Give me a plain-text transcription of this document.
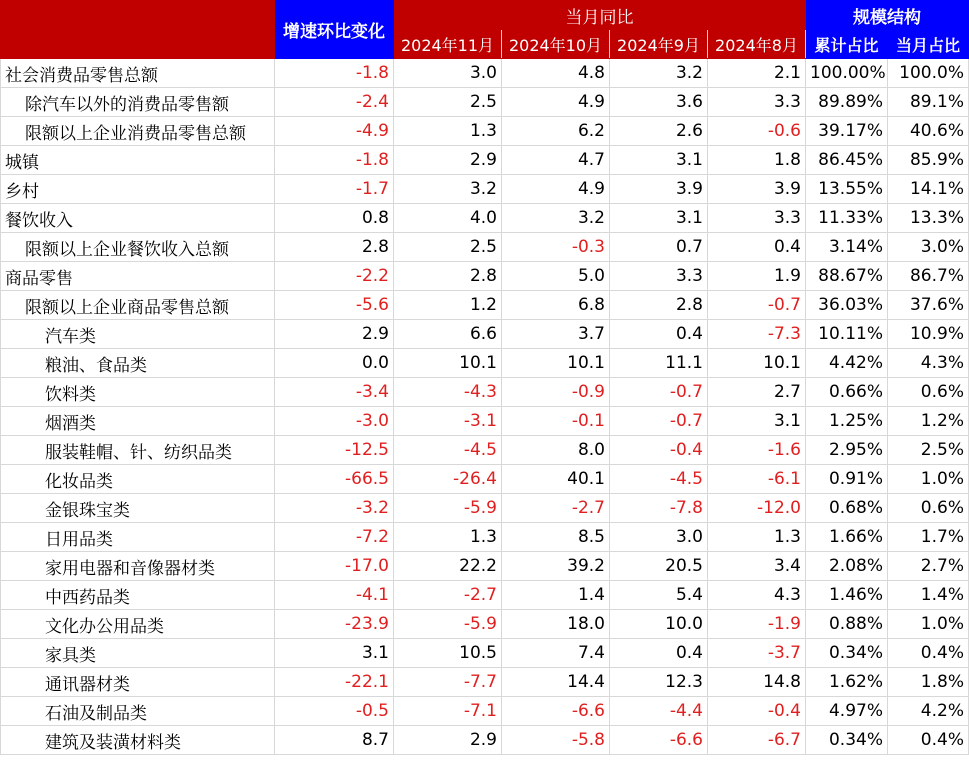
	增速环比变化	当月同比				规模结构	
		2024年11月	2024年10月	2024年9月	2024年8月	累计占比	当月占比
社会消费品零售总额	-1.8	3.0	4.8	3.2	2.1	100.00%	100.0%
除汽车以外的消费品零售额	-2.4	2.5	4.9	3.6	3.3	89.89%	89.1%
限额以上企业消费品零售总额	-4.9	1.3	6.2	2.6	-0.6	39.17%	40.6%
城镇	-1.8	2.9	4.7	3.1	1.8	86.45%	85.9%
乡村	-1.7	3.2	4.9	3.9	3.9	13.55%	14.1%
餐饮收入	0.8	4.0	3.2	3.1	3.3	11.33%	13.3%
限额以上企业餐饮收入总额	2.8	2.5	-0.3	0.7	0.4	3.14%	3.0%
商品零售	-2.2	2.8	5.0	3.3	1.9	88.67%	86.7%
限额以上企业商品零售总额	-5.6	1.2	6.8	2.8	-0.7	36.03%	37.6%
汽车类	2.9	6.6	3.7	0.4	-7.3	10.11%	10.9%
粮油、食品类	0.0	10.1	10.1	11.1	10.1	4.42%	4.3%
饮料类	-3.4	-4.3	-0.9	-0.7	2.7	0.66%	0.6%
烟酒类	-3.0	-3.1	-0.1	-0.7	3.1	1.25%	1.2%
服装鞋帽、针、纺织品类	-12.5	-4.5	8.0	-0.4	-1.6	2.95%	2.5%
化妆品类	-66.5	-26.4	40.1	-4.5	-6.1	0.91%	1.0%
金银珠宝类	-3.2	-5.9	-2.7	-7.8	-12.0	0.68%	0.6%
日用品类	-7.2	1.3	8.5	3.0	1.3	1.66%	1.7%
家用电器和音像器材类	-17.0	22.2	39.2	20.5	3.4	2.08%	2.7%
中西药品类	-4.1	-2.7	1.4	5.4	4.3	1.46%	1.4%
文化办公用品类	-23.9	-5.9	18.0	10.0	-1.9	0.88%	1.0%
家具类	3.1	10.5	7.4	0.4	-3.7	0.34%	0.4%
通讯器材类	-22.1	-7.7	14.4	12.3	14.8	1.62%	1.8%
石油及制品类	-0.5	-7.1	-6.6	-4.4	-0.4	4.97%	4.2%
建筑及装潢材料类	8.7	2.9	-5.8	-6.6	-6.7	0.34%	0.4%
